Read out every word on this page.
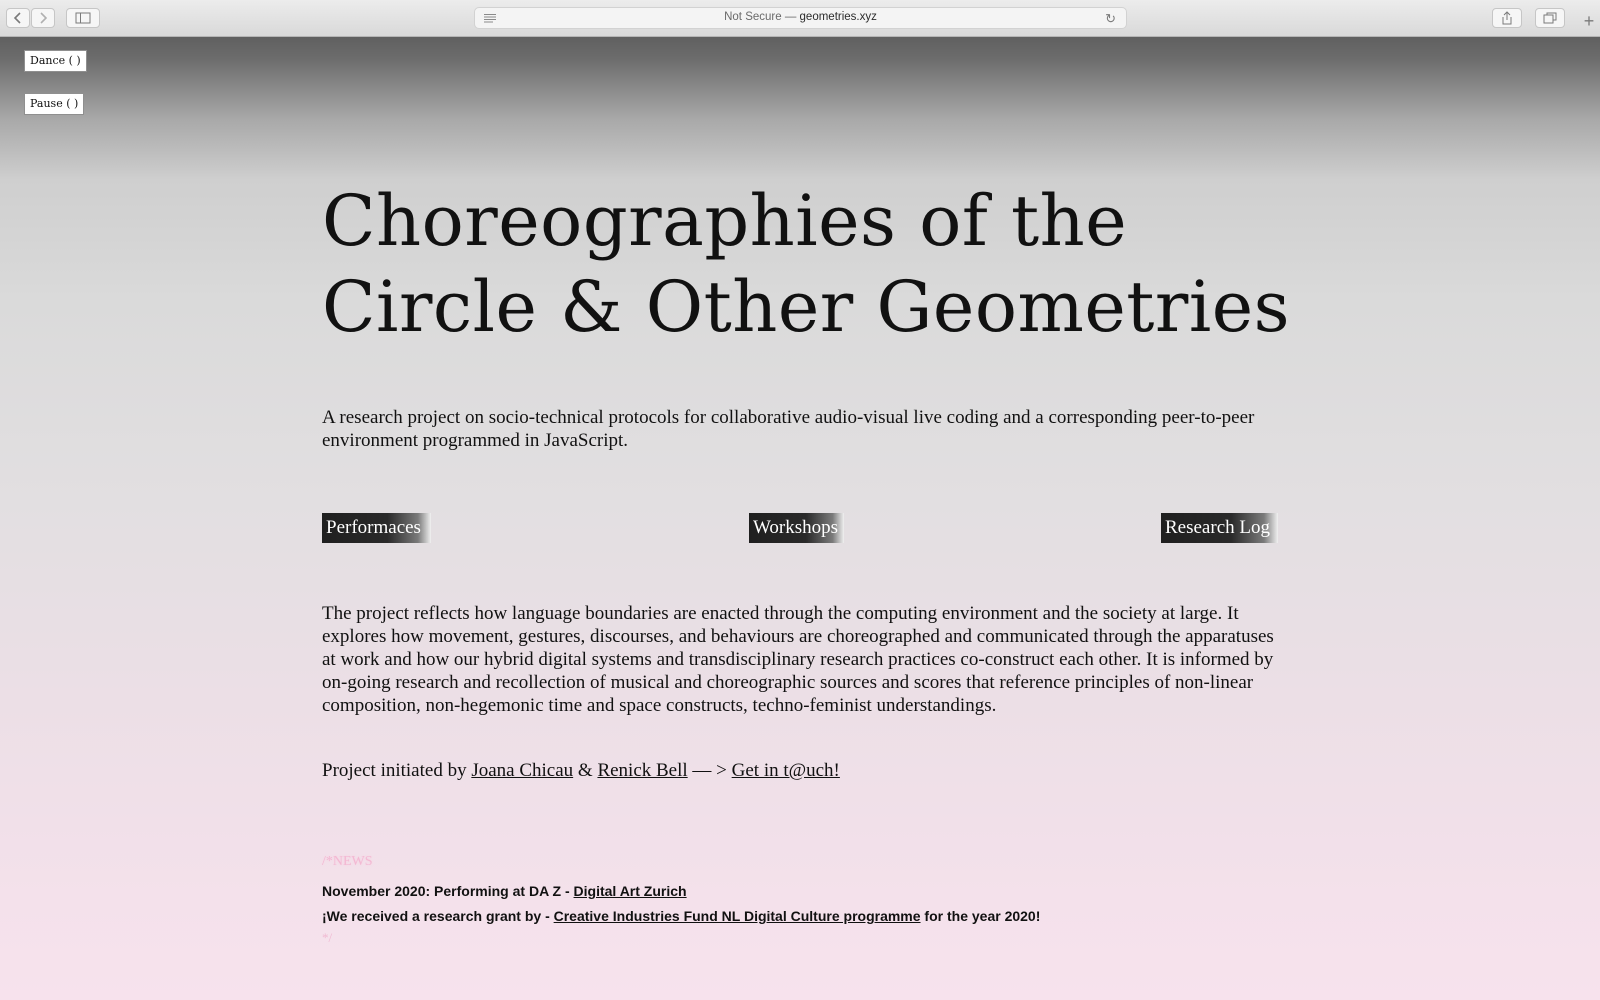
Not Secure — geometries.xyz	↻	+
Dance ( )
Pause ( )
Choreographies of the
Circle & Other Geometries

A research project on socio-technical protocols for collaborative audio-visual live coding and a corresponding peer-to-peer environment programmed in JavaScript.

Performaces	Workshops	Research Log

The project reflects how language boundaries are enacted through the computing environment and the society at large. It explores how movement, gestures, discourses, and behaviours are choreographed and communicated through the apparatuses at work and how our hybrid digital systems and transdisciplinary research practices co-construct each other. It is informed by on-going research and recollection of musical and choreographic sources and scores that reference principles of non-linear composition, non-hegemonic time and space constructs, techno-feminist understandings.

Project initiated by Joana Chicau & Renick Bell — > Get in t@uch!

/*NEWS
November 2020: Performing at DA Z - Digital Art Zurich
¡We received a research grant by - Creative Industries Fund NL Digital Culture programme for the year 2020!
*/
